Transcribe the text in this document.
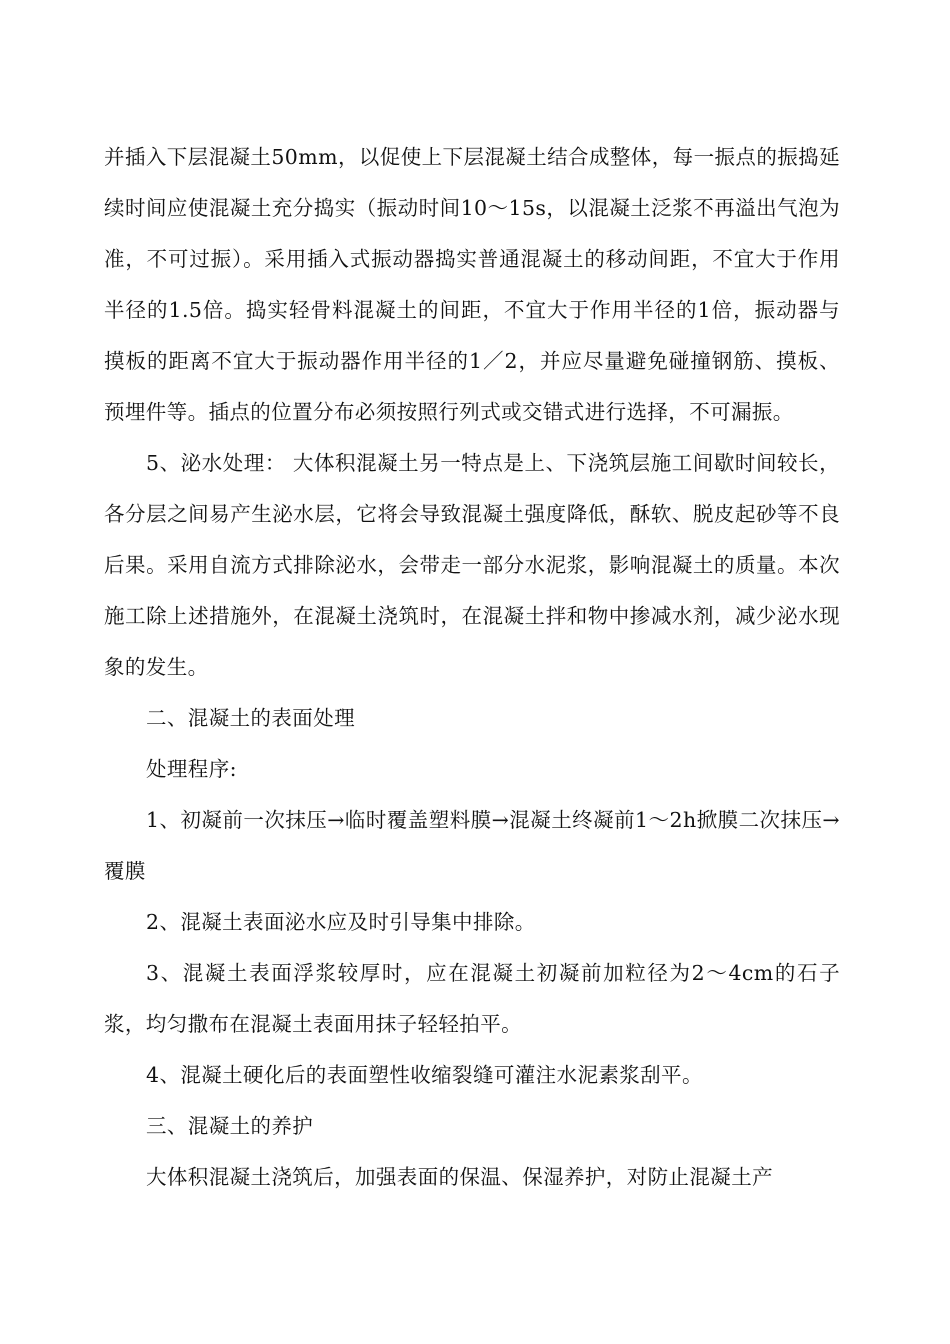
并插入下层混凝土50mm，以促使上下层混凝土结合成整体，每一振点的振捣延续时间应使混凝土充分捣实（振动时间10～15s，以混凝土泛浆不再溢出气泡为准，不可过振）。采用插入式振动器捣实普通混凝土的移动间距，不宜大于作用半径的1.5倍。捣实轻骨料混凝土的间距，不宜大于作用半径的1倍，振动器与摸板的距离不宜大于振动器作用半径的1／2，并应尽量避免碰撞钢筋、摸板、预埋件等。插点的位置分布必须按照行列式或交错式进行选择，不可漏振。

5、泌水处理： 大体积混凝土另一特点是上、下浇筑层施工间歇时间较长，各分层之间易产生泌水层，它将会导致混凝土强度降低，酥软、脱皮起砂等不良后果。采用自流方式排除泌水，会带走一部分水泥浆，影响混凝土的质量。本次施工除上述措施外，在混凝土浇筑时，在混凝土拌和物中掺减水剂，减少泌水现象的发生。

二、混凝土的表面处理

处理程序:

1、初凝前一次抹压→临时覆盖塑料膜→混凝土终凝前1～2h掀膜二次抹压→覆膜

2、混凝土表面泌水应及时引导集中排除。

3、混凝土表面浮浆较厚时，应在混凝土初凝前加粒径为2～4cm的石子浆，均匀撒布在混凝土表面用抹子轻轻拍平。

4、混凝土硬化后的表面塑性收缩裂缝可灌注水泥素浆刮平。

三、混凝土的养护

大体积混凝土浇筑后，加强表面的保温、保湿养护，对防止混凝土产
